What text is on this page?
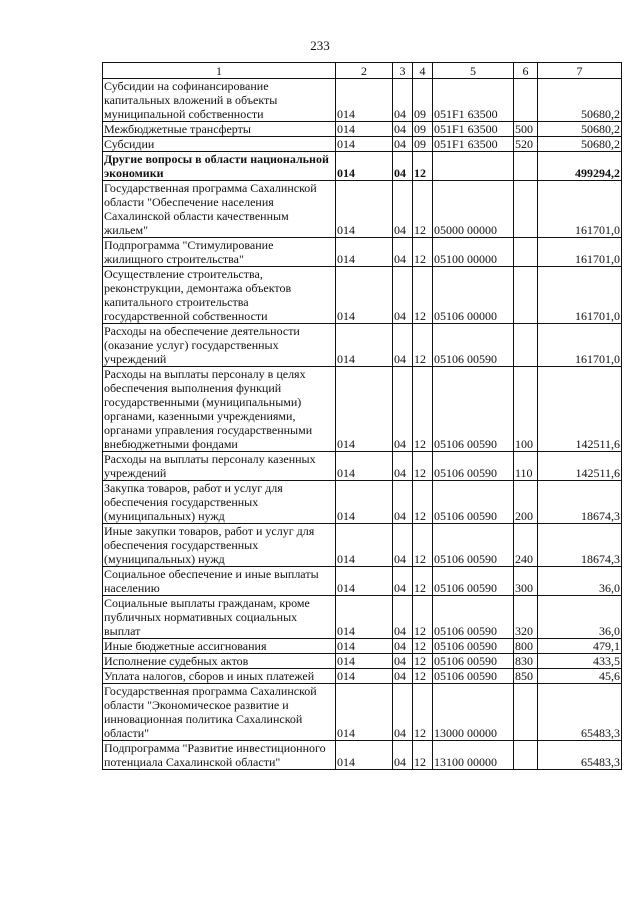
233
1	2	3	4	5	6	7
Субсидии на софинансирование капитальных вложений в объекты муниципальной собственности	014	04	09	051F1 63500		50680,2
Межбюджетные трансферты	014	04	09	051F1 63500	500	50680,2
Субсидии	014	04	09	051F1 63500	520	50680,2
Другие вопросы в области национальной экономики	014	04	12			499294,2
Государственная программа Сахалинской области "Обеспечение населения Сахалинской области качественным жильем"	014	04	12	05000 00000		161701,0
Подпрограмма "Стимулирование жилищного строительства"	014	04	12	05100 00000		161701,0
Осуществление строительства, реконструкции, демонтажа объектов капитального строительства государственной собственности	014	04	12	05106 00000		161701,0
Расходы на обеспечение деятельности (оказание услуг) государственных учреждений	014	04	12	05106 00590		161701,0
Расходы на выплаты персоналу в целях обеспечения выполнения функций государственными (муниципальными) органами, казенными учреждениями, органами управления государственными внебюджетными фондами	014	04	12	05106 00590	100	142511,6
Расходы на выплаты персоналу казенных учреждений	014	04	12	05106 00590	110	142511,6
Закупка товаров, работ и услуг для обеспечения государственных (муниципальных) нужд	014	04	12	05106 00590	200	18674,3
Иные закупки товаров, работ и услуг для обеспечения государственных (муниципальных) нужд	014	04	12	05106 00590	240	18674,3
Социальное обеспечение и иные выплаты населению	014	04	12	05106 00590	300	36,0
Социальные выплаты гражданам, кроме публичных нормативных социальных выплат	014	04	12	05106 00590	320	36,0
Иные бюджетные ассигнования	014	04	12	05106 00590	800	479,1
Исполнение судебных актов	014	04	12	05106 00590	830	433,5
Уплата налогов, сборов и иных платежей	014	04	12	05106 00590	850	45,6
Государственная программа Сахалинской области "Экономическое развитие и инновационная политика Сахалинской области"	014	04	12	13000 00000		65483,3
Подпрограмма "Развитие инвестиционного потенциала Сахалинской области"	014	04	12	13100 00000		65483,3
